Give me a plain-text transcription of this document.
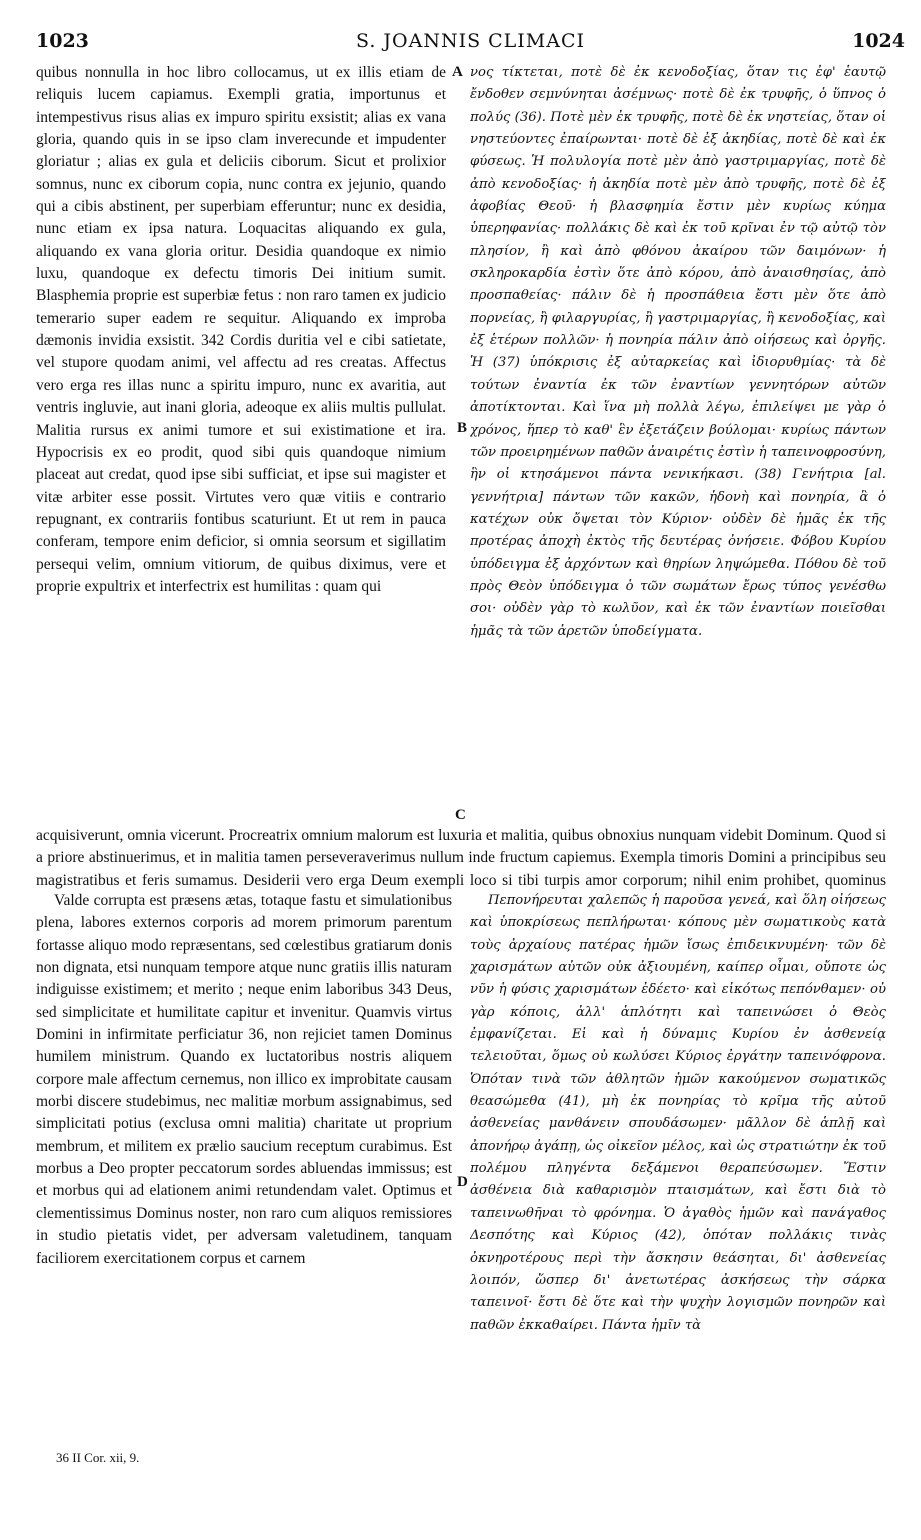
1023	S. JOANNIS CLIMACI	1024

quibus nonnulla in hoc libro collocamus, ut ex illis etiam de reliquis lucem capiamus. Exempli gratia, importunus et intempestivus risus alias ex impuro spiritu exsistit; alias ex vana gloria, quando quis in se ipso clam inverecunde et impudenter gloriatur ; alias ex gula et deliciis ciborum. Sicut et prolixior somnus, nunc ex ciborum copia, nunc contra ex jejunio, quando qui a cibis abstinent, per superbiam efferuntur; nunc ex desidia, nunc etiam ex ipsa natura. Loquacitas aliquando ex gula, aliquando ex vana gloria oritur. Desidia quandoque ex nimio luxu, quandoque ex defectu timoris Dei initium sumit. Blasphemia proprie est superbiæ fetus : non raro tamen ex judicio temerario super eadem re sequitur. Aliquando ex improba dæmonis invidia exsistit. 342 Cordis duritia vel e cibi satietate, vel stupore quodam animi, vel affectu ad res creatas. Affectus vero erga res illas nunc a spiritu impuro, nunc ex avaritia, aut ventris ingluvie, aut inani gloria, adeoque ex aliis multis pullulat. Malitia rursus ex animi tumore et sui existimatione et ira. Hypocrisis ex eo prodit, quod sibi quis quandoque nimium placeat aut credat, quod ipse sibi sufficiat, et ipse sui magister et vitæ arbiter esse possit. Virtutes vero quæ vitiis e contrario repugnant, ex contrariis fontibus scaturiunt. Et ut rem in pauca conferam, tempore enim deficior, si omnia seorsum et sigillatim persequi velim, omnium vitiorum, de quibus diximus, vere et proprie expultrix et interfectrix est humilitas : quam qui

νος τίκτεται, ποτὲ δὲ ἐκ κενοδοξίας, ὅταν τις ἐφ' ἑαυτῷ ἔνδοθεν σεμνύνηται ἀσέμνως· ποτὲ δὲ ἐκ τρυφῆς, ὁ ὕπνος ὁ πολύς (36). Ποτὲ μὲν ἐκ τρυφῆς, ποτὲ δὲ ἐκ νηστείας, ὅταν οἱ νηστεύοντες ἐπαίρωνται· ποτὲ δὲ ἐξ ἀκηδίας, ποτὲ δὲ καὶ ἐκ φύσεως. Ἡ πολυλογία ποτὲ μὲν ἀπὸ γαστριμαργίας, ποτὲ δὲ ἀπὸ κενοδοξίας· ἡ ἀκηδία ποτὲ μὲν ἀπὸ τρυφῆς, ποτὲ δὲ ἐξ ἀφοβίας Θεοῦ· ἡ βλασφημία ἔστιν μὲν κυρίως κύημα ὑπερηφανίας· πολλάκις δὲ καὶ ἐκ τοῦ κρῖναι ἐν τῷ αὐτῷ τὸν πλησίον, ἢ καὶ ἀπὸ φθόνου ἀκαίρου τῶν δαιμόνων· ἡ σκληροκαρδία ἐστὶν ὅτε ἀπὸ κόρου, ἀπὸ ἀναισθησίας, ἀπὸ προσπαθείας· πάλιν δὲ ἡ προσπάθεια ἔστι μὲν ὅτε ἀπὸ πορνείας, ἢ φιλαργυρίας, ἢ γαστριμαργίας, ἢ κενοδοξίας, καὶ ἐξ ἑτέρων πολλῶν· ἡ πονηρία πάλιν ἀπὸ οἰήσεως καὶ ὀργῆς. Ἡ (37) ὑπόκρισις ἐξ αὐταρκείας καὶ ἰδιορυθμίας· τὰ δὲ τούτων ἐναντία ἐκ τῶν ἐναντίων γεννητόρων αὐτῶν ἀποτίκτονται. Καὶ ἵνα μὴ πολλὰ λέγω, ἐπιλείψει με γὰρ ὁ χρόνος, ἥπερ τὸ καθ' ἓν ἐξετάζειν βούλομαι· κυρίως πάντων τῶν προειρημένων παθῶν ἀναιρέτις ἐστὶν ἡ ταπεινοφροσύνη, ἣν οἱ κτησάμενοι πάντα νενικήκασι. (38) Γενήτρια [al. γεννήτρια] πάντων τῶν κακῶν, ἡδονὴ καὶ πονηρία, ἃ ὁ κατέχων οὐκ ὄψεται τὸν Κύριον· οὐδὲν δὲ ἡμᾶς ἐκ τῆς προτέρας ἀποχὴ ἐκτὸς τῆς δευτέρας ὀνήσειε. Φόβου Κυρίου ὑπόδειγμα ἐξ ἀρχόντων καὶ θηρίων ληψώμεθα. Πόθου δὲ τοῦ πρὸς Θεὸν ὑπόδειγμα ὁ τῶν σωμάτων ἔρως τύπος γενέσθω σοι· οὐδὲν γὰρ τὸ κωλῦον, καὶ ἐκ τῶν ἐναντίων ποιεῖσθαι ἡμᾶς τὰ τῶν ἀρετῶν ὑποδείγματα.

A
B
C
D

acquisiverunt, omnia vicerunt. Procreatrix omnium malorum est luxuria et malitia, quibus obnoxius nunquam videbit Dominum. Quod si a priore abstinuerimus, et in malitia tamen perseveraverimus nullum inde fructum capiemus. Exempla timoris Domini a principibus seu magistratibus et feris sumamus. Desiderii vero erga Deum exempli loco si tibi turpis amor corporum; nihil enim prohibet, quominus

Valde corrupta est præsens ætas, totaque fastu et simulationibus plena, labores externos corporis ad morem primorum parentum fortasse aliquo modo repræsentans, sed cœlestibus gratiarum donis non dignata, etsi nunquam tempore atque nunc gratiis illis naturam indiguisse existimem; et merito ; neque enim laboribus 343 Deus, sed simplicitate et humilitate capitur et invenitur. Quamvis virtus Domini in infirmitate perficiatur 36, non rejiciet tamen Dominus humilem ministrum. Quando ex luctatoribus nostris aliquem corpore male affectum cernemus, non illico ex improbitate causam morbi discere studebimus, nec malitiæ morbum assignabimus, sed simplicitati potius (exclusa omni malitia) charitate ut proprium membrum, et militem ex prælio saucium receptum curabimus. Est morbus a Deo propter peccatorum sordes abluendas immissus; est et morbus qui ad elationem animi retundendam valet. Optimus et clementissimus Dominus noster, non raro cum aliquos remissiores in studio pietatis videt, per adversam valetudinem, tanquam faciliorem exercitationem corpus et carnem

Πεπονήρευται χαλεπῶς ἡ παροῦσα γενεά, καὶ ὅλη οἰήσεως καὶ ὑποκρίσεως πεπλήρωται· κόπους μὲν σωματικοὺς κατὰ τοὺς ἀρχαίους πατέρας ἡμῶν ἴσως ἐπιδεικνυμένη· τῶν δὲ χαρισμάτων αὐτῶν οὐκ ἀξιουμένη, καίπερ οἶμαι, οὔποτε ὡς νῦν ἡ φύσις χαρισμάτων ἐδέετο· καὶ εἰκότως πεπόνθαμεν· οὐ γὰρ κόποις, ἀλλ' ἁπλότητι καὶ ταπεινώσει ὁ Θεὸς ἐμφανίζεται. Εἰ καὶ ἡ δύναμις Κυρίου ἐν ἀσθενείᾳ τελειοῦται, ὅμως οὐ κωλύσει Κύριος ἐργάτην ταπεινόφρονα. Ὁπόταν τινὰ τῶν ἀθλητῶν ἡμῶν κακούμενον σωματικῶς θεασώμεθα (41), μὴ ἐκ πονηρίας τὸ κρῖμα τῆς αὐτοῦ ἀσθενείας μανθάνειν σπουδάσωμεν· μᾶλλον δὲ ἁπλῇ καὶ ἀπονήρῳ ἀγάπῃ, ὡς οἰκεῖον μέλος, καὶ ὡς στρατιώτην ἐκ τοῦ πολέμου πληγέντα δεξάμενοι θεραπεύσωμεν. Ἔστιν ἀσθένεια διὰ καθαρισμὸν πταισμάτων, καὶ ἔστι διὰ τὸ ταπεινωθῆναι τὸ φρόνημα. Ὁ ἀγαθὸς ἡμῶν καὶ πανάγαθος Δεσπότης καὶ Κύριος (42), ὁπόταν πολλάκις τινὰς ὀκνηροτέρους περὶ τὴν ἄσκησιν θεάσηται, δι' ἀσθενείας λοιπόν, ὥσπερ δι' ἀνετωτέρας ἀσκήσεως τὴν σάρκα ταπεινοῖ· ἔστι δὲ ὅτε καὶ τὴν ψυχὴν λογισμῶν πονηρῶν καὶ παθῶν ἐκκαθαίρει. Πάντα ἡμῖν τὰ

36 II Cor. xii, 9.
